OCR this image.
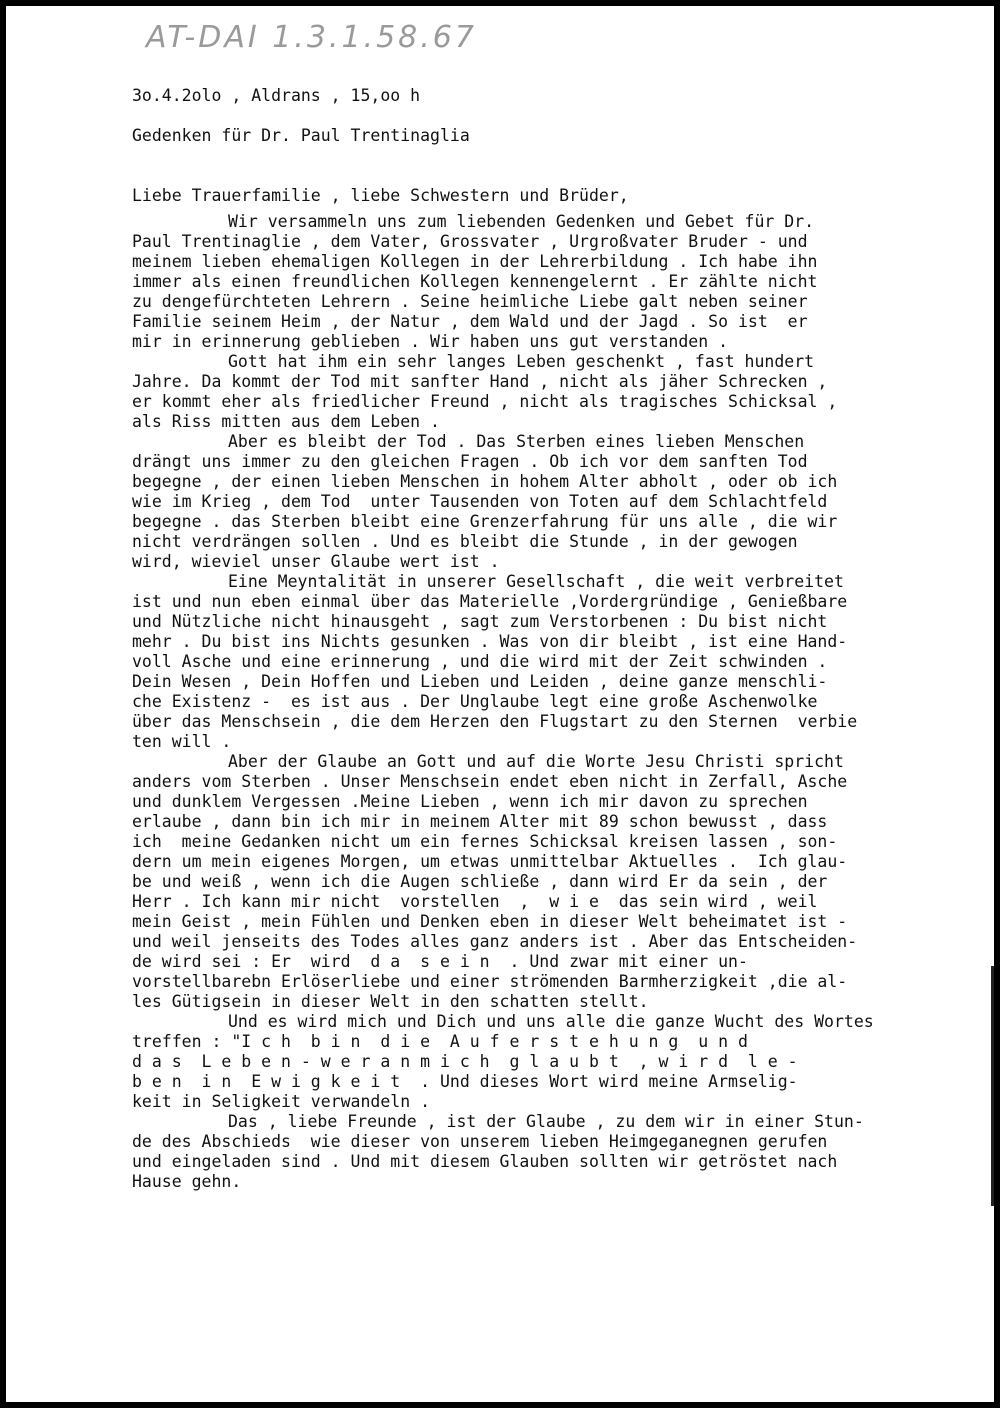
AT-DAI 1.3.1.58.67

3o.4.2olo , Aldrans , 15,oo h

Gedenken für Dr. Paul Trentinaglia

Liebe Trauerfamilie , liebe Schwestern und Brüder,

Wir versammeln uns zum liebenden Gedenken und Gebet für Dr.
Paul Trentinaglie , dem Vater, Grossvater , Urgroßvater Bruder - und
meinem lieben ehemaligen Kollegen in der Lehrerbildung . Ich habe ihn
immer als einen freundlichen Kollegen kennengelernt . Er zählte nicht
zu dengefürchteten Lehrern . Seine heimliche Liebe galt neben seiner
Familie seinem Heim , der Natur , dem Wald und der Jagd . So ist  er
mir in erinnerung geblieben . Wir haben uns gut verstanden .
Gott hat ihm ein sehr langes Leben geschenkt , fast hundert
Jahre. Da kommt der Tod mit sanfter Hand , nicht als jäher Schrecken ,
er kommt eher als friedlicher Freund , nicht als tragisches Schicksal ,
als Riss mitten aus dem Leben .
Aber es bleibt der Tod . Das Sterben eines lieben Menschen
drängt uns immer zu den gleichen Fragen . Ob ich vor dem sanften Tod
begegne , der einen lieben Menschen in hohem Alter abholt , oder ob ich
wie im Krieg , dem Tod  unter Tausenden von Toten auf dem Schlachtfeld
begegne . das Sterben bleibt eine Grenzerfahrung für uns alle , die wir
nicht verdrängen sollen . Und es bleibt die Stunde , in der gewogen
wird, wieviel unser Glaube wert ist .
Eine Meyntalität in unserer Gesellschaft , die weit verbreitet
ist und nun eben einmal über das Materielle ,Vordergründige , Genießbare
und Nützliche nicht hinausgeht , sagt zum Verstorbenen : Du bist nicht
mehr . Du bist ins Nichts gesunken . Was von dir bleibt , ist eine Hand-
voll Asche und eine erinnerung , und die wird mit der Zeit schwinden .
Dein Wesen , Dein Hoffen und Lieben und Leiden , deine ganze menschli-
che Existenz -  es ist aus . Der Unglaube legt eine große Aschenwolke
über das Menschsein , die dem Herzen den Flugstart zu den Sternen  verbie
ten will .
Aber der Glaube an Gott und auf die Worte Jesu Christi spricht
anders vom Sterben . Unser Menschsein endet eben nicht in Zerfall, Asche
und dunklem Vergessen .Meine Lieben , wenn ich mir davon zu sprechen
erlaube , dann bin ich mir in meinem Alter mit 89 schon bewusst , dass
ich  meine Gedanken nicht um ein fernes Schicksal kreisen lassen , son-
dern um mein eigenes Morgen, um etwas unmittelbar Aktuelles .  Ich glau-
be und weiß , wenn ich die Augen schließe , dann wird Er da sein , der
Herr . Ich kann mir nicht  vorstellen  ,  w i e  das sein wird , weil
mein Geist , mein Fühlen und Denken eben in dieser Welt beheimatet ist -
und weil jenseits des Todes alles ganz anders ist . Aber das Entscheiden-
de wird sei : Er  wird  d a  s e i n  . Und zwar mit einer un-
vorstellbarebn Erlöserliebe und einer strömenden Barmherzigkeit ,die al-
les Gütigsein in dieser Welt in den schatten stellt.
Und es wird mich und Dich und uns alle die ganze Wucht des Wortes
treffen : "I c h  b i n  d i e  A u f e r s t e h u n g  u n d
d a s  L e b e n - w e r a n m i c h  g l a u b t  , w i r d  l e -
b e n  i n  E w i g k e i t  . Und dieses Wort wird meine Armselig-
keit in Seligkeit verwandeln .
Das , liebe Freunde , ist der Glaube , zu dem wir in einer Stun-
de des Abschieds  wie dieser von unserem lieben Heimgeganegnen gerufen
und eingeladen sind . Und mit diesem Glauben sollten wir getröstet nach
Hause gehn.
